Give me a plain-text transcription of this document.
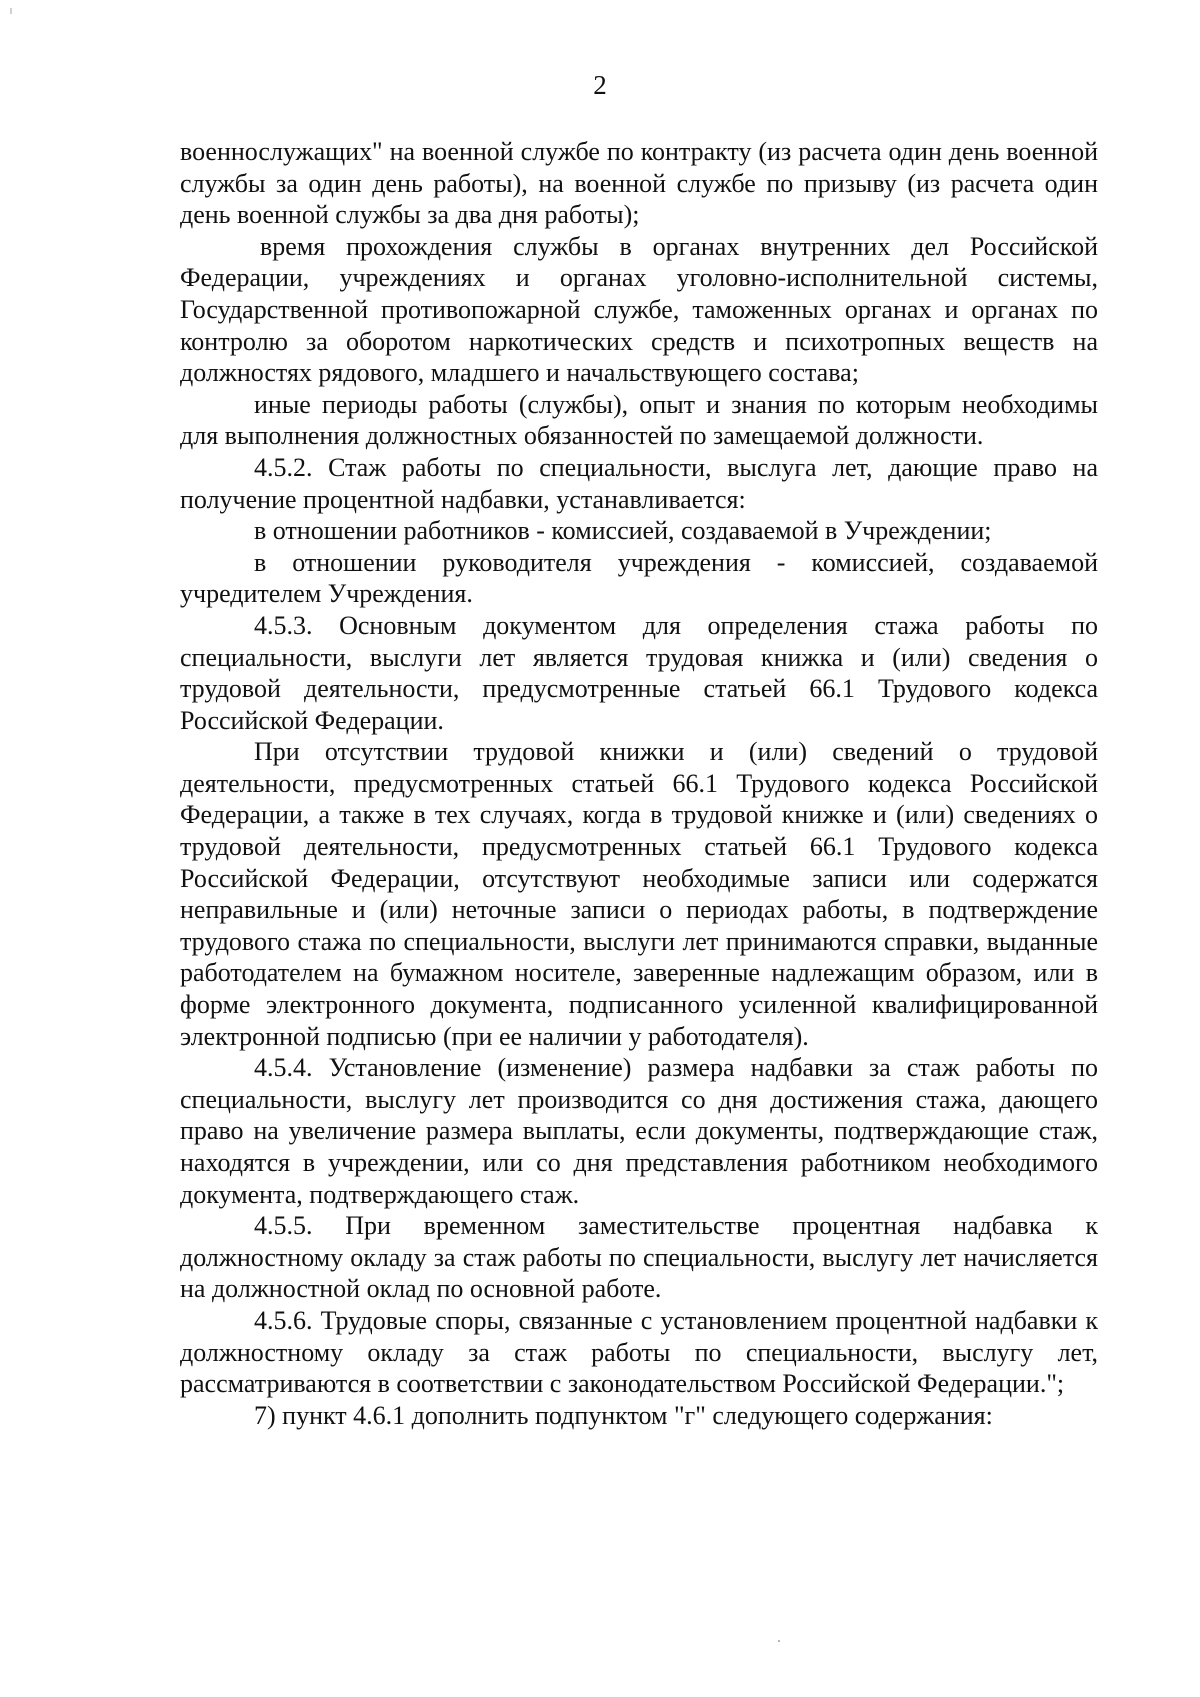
2

военнослужащих" на военной службе по контракту (из расчета один день военной службы за один день работы), на военной службе по призыву (из расчета один день военной службы за два дня работы);

время прохождения службы в органах внутренних дел Российской Федерации, учреждениях и органах уголовно-исполнительной системы, Государственной противопожарной службе, таможенных органах и органах по контролю за оборотом наркотических средств и психотропных веществ на должностях рядового, младшего и начальствующего состава;

иные периоды работы (службы), опыт и знания по которым необходимы для выполнения должностных обязанностей по замещаемой должности.

4.5.2. Стаж работы по специальности, выслуга лет, дающие право на получение процентной надбавки, устанавливается:

в отношении работников - комиссией, создаваемой в Учреждении;

в отношении руководителя учреждения - комиссией, создаваемой учредителем Учреждения.

4.5.3. Основным документом для определения стажа работы по специальности, выслуги лет является трудовая книжка и (или) сведения о трудовой деятельности, предусмотренные статьей 66.1 Трудового кодекса Российской Федерации.

При отсутствии трудовой книжки и (или) сведений о трудовой деятельности, предусмотренных статьей 66.1 Трудового кодекса Российской Федерации, а также в тех случаях, когда в трудовой книжке и (или) сведениях о трудовой деятельности, предусмотренных статьей 66.1 Трудового кодекса Российской Федерации, отсутствуют необходимые записи или содержатся неправильные и (или) неточные записи о периодах работы, в подтверждение трудового стажа по специальности, выслуги лет принимаются справки, выданные работодателем на бумажном носителе, заверенные надлежащим образом, или в форме электронного документа, подписанного усиленной квалифицированной электронной подписью (при ее наличии у работодателя).

4.5.4. Установление (изменение) размера надбавки за стаж работы по специальности, выслугу лет производится со дня достижения стажа, дающего право на увеличение размера выплаты, если документы, подтверждающие стаж, находятся в учреждении, или со дня представления работником необходимого документа, подтверждающего стаж.

4.5.5. При временном заместительстве процентная надбавка к должностному окладу за стаж работы по специальности, выслугу лет начисляется на должностной оклад по основной работе.

4.5.6. Трудовые споры, связанные с установлением процентной надбавки к должностному окладу за стаж работы по специальности, выслугу лет, рассматриваются в соответствии с законодательством Российской Федерации.";

7) пункт 4.6.1 дополнить подпунктом "г" следующего содержания:
